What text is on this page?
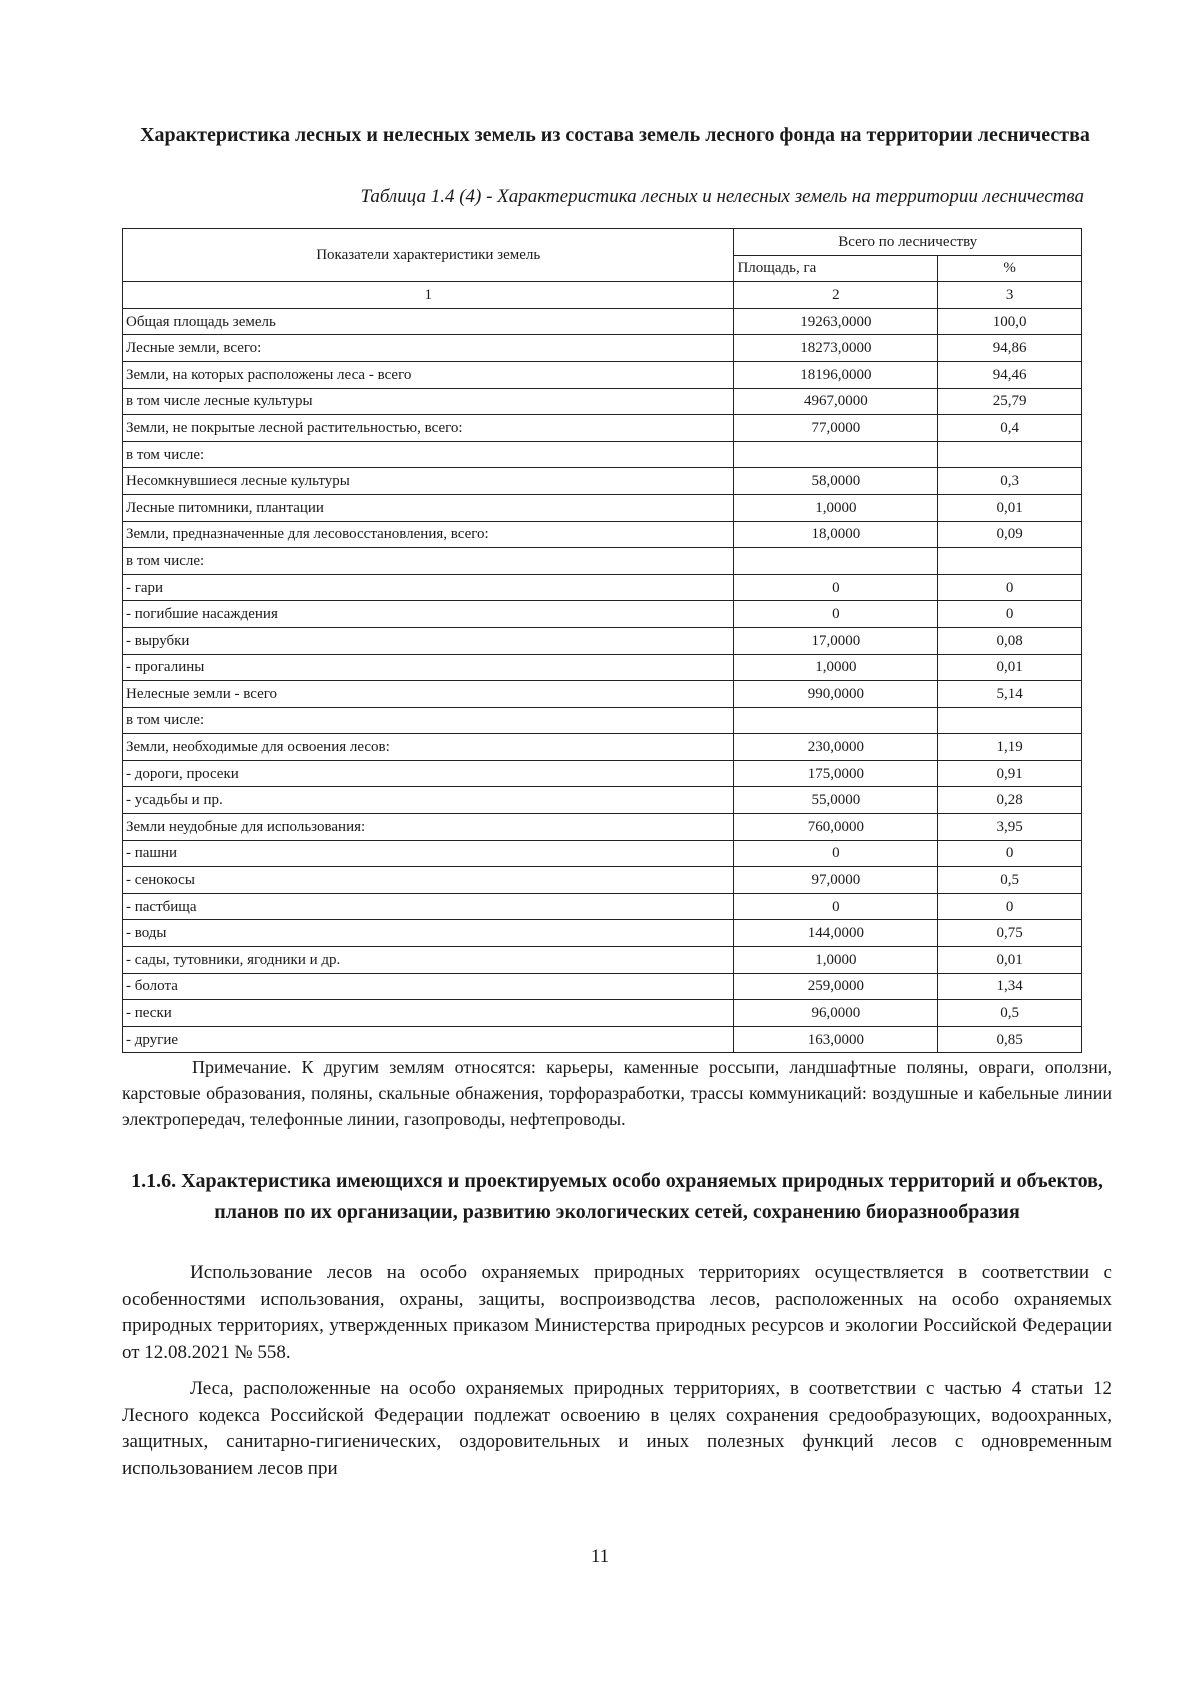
Характеристика лесных и нелесных земель из состава земель лесного фонда на территории лесничества

Таблица 1.4 (4) - Характеристика лесных и нелесных земель на территории лесничества

Показатели характеристики земель	Всего по лесничеству	
	Площадь, га	%
1	2	3
Общая площадь земель	19263,0000	100,0
Лесные земли, всего:	18273,0000	94,86
Земли, на которых расположены леса - всего	18196,0000	94,46
в том числе лесные культуры	4967,0000	25,79
Земли, не покрытые лесной растительностью, всего:	77,0000	0,4
в том числе:		
Несомкнувшиеся лесные культуры	58,0000	0,3
Лесные питомники, плантации	1,0000	0,01
Земли, предназначенные для лесовосстановления, всего:	18,0000	0,09
в том числе:		
- гари	0	0
- погибшие насаждения	0	0
- вырубки	17,0000	0,08
- прогалины	1,0000	0,01
Нелесные земли - всего	990,0000	5,14
в том числе:		
Земли, необходимые для освоения лесов:	230,0000	1,19
- дороги, просеки	175,0000	0,91
- усадьбы и пр.	55,0000	0,28
Земли неудобные для использования:	760,0000	3,95
- пашни	0	0
- сенокосы	97,0000	0,5
- пастбища	0	0
- воды	144,0000	0,75
- сады, тутовники, ягодники и др.	1,0000	0,01
- болота	259,0000	1,34
- пески	96,0000	0,5
- другие	163,0000	0,85

Примечание. К другим землям относятся: карьеры, каменные россыпи, ландшафтные поляны, овраги, оползни, карстовые образования, поляны, скальные обнажения, торфоразработки, трассы коммуникаций: воздушные и кабельные линии электропередач, телефонные линии, газопроводы, нефтепроводы.

1.1.6. Характеристика имеющихся и проектируемых особо охраняемых природных территорий и объектов, планов по их организации, развитию экологических сетей, сохранению биоразнообразия

Использование лесов на особо охраняемых природных территориях осуществляется в соответствии с особенностями использования, охраны, защиты, воспроизводства лесов, расположенных на особо охраняемых природных территориях, утвержденных приказом Министерства природных ресурсов и экологии Российской Федерации от 12.08.2021 № 558.

Леса, расположенные на особо охраняемых природных территориях, в соответствии с частью 4 статьи 12 Лесного кодекса Российской Федерации подлежат освоению в целях сохранения средообразующих, водоохранных, защитных, санитарно-гигиенических, оздоровительных и иных полезных функций лесов с одновременным использованием лесов при

11
